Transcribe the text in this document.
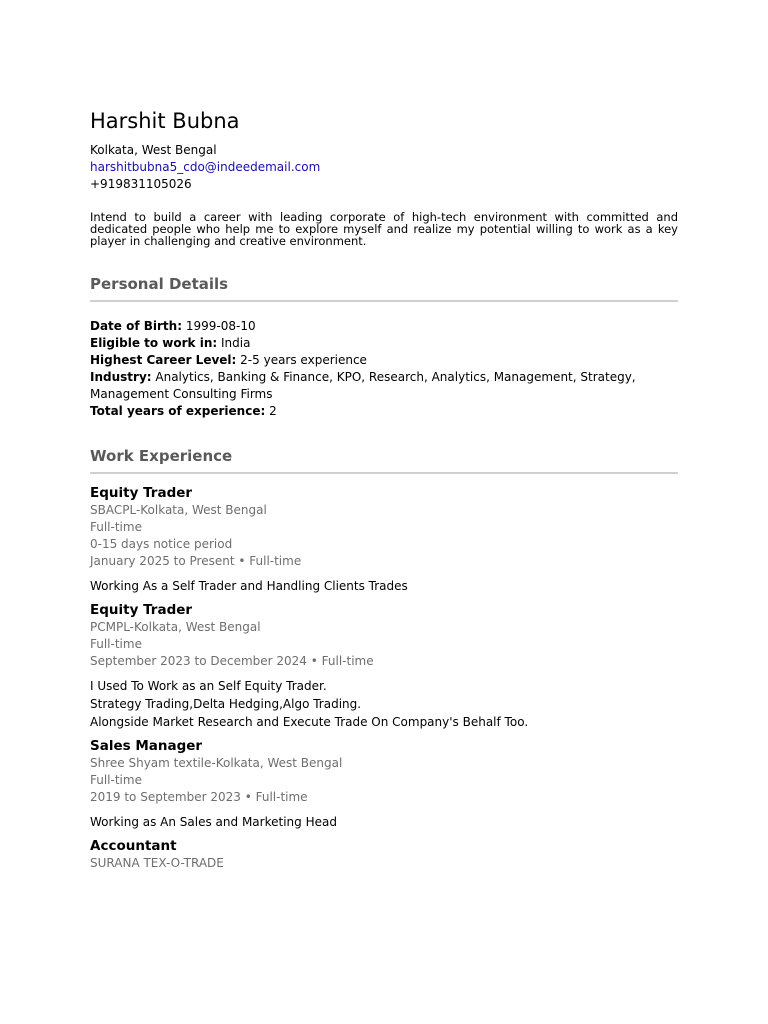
Harshit Bubna
Kolkata, West Bengal
harshitbubna5_cdo@indeedemail.com
+919831105026
Intend to build a career with leading corporate of high-tech environment with committed and dedicated people who help me to explore myself and realize my potential willing to work as a key player in challenging and creative environment.
Personal Details
Date of Birth: 1999-08-10
Eligible to work in: India
Highest Career Level: 2-5 years experience
Industry: Analytics, Banking & Finance, KPO, Research, Analytics, Management, Strategy, Management Consulting Firms
Total years of experience: 2
Work Experience
Equity Trader
SBACPL-Kolkata, West Bengal
Full-time
0-15 days notice period
January 2025 to Present • Full-time
Working As a Self Trader and Handling Clients Trades
Equity Trader
PCMPL-Kolkata, West Bengal
Full-time
September 2023 to December 2024 • Full-time
I Used To Work as an Self Equity Trader.
Strategy Trading,Delta Hedging,Algo Trading.
Alongside Market Research and Execute Trade On Company's Behalf Too.
Sales Manager
Shree Shyam textile-Kolkata, West Bengal
Full-time
2019 to September 2023 • Full-time
Working as An Sales and Marketing Head
Accountant
SURANA TEX-O-TRADE
